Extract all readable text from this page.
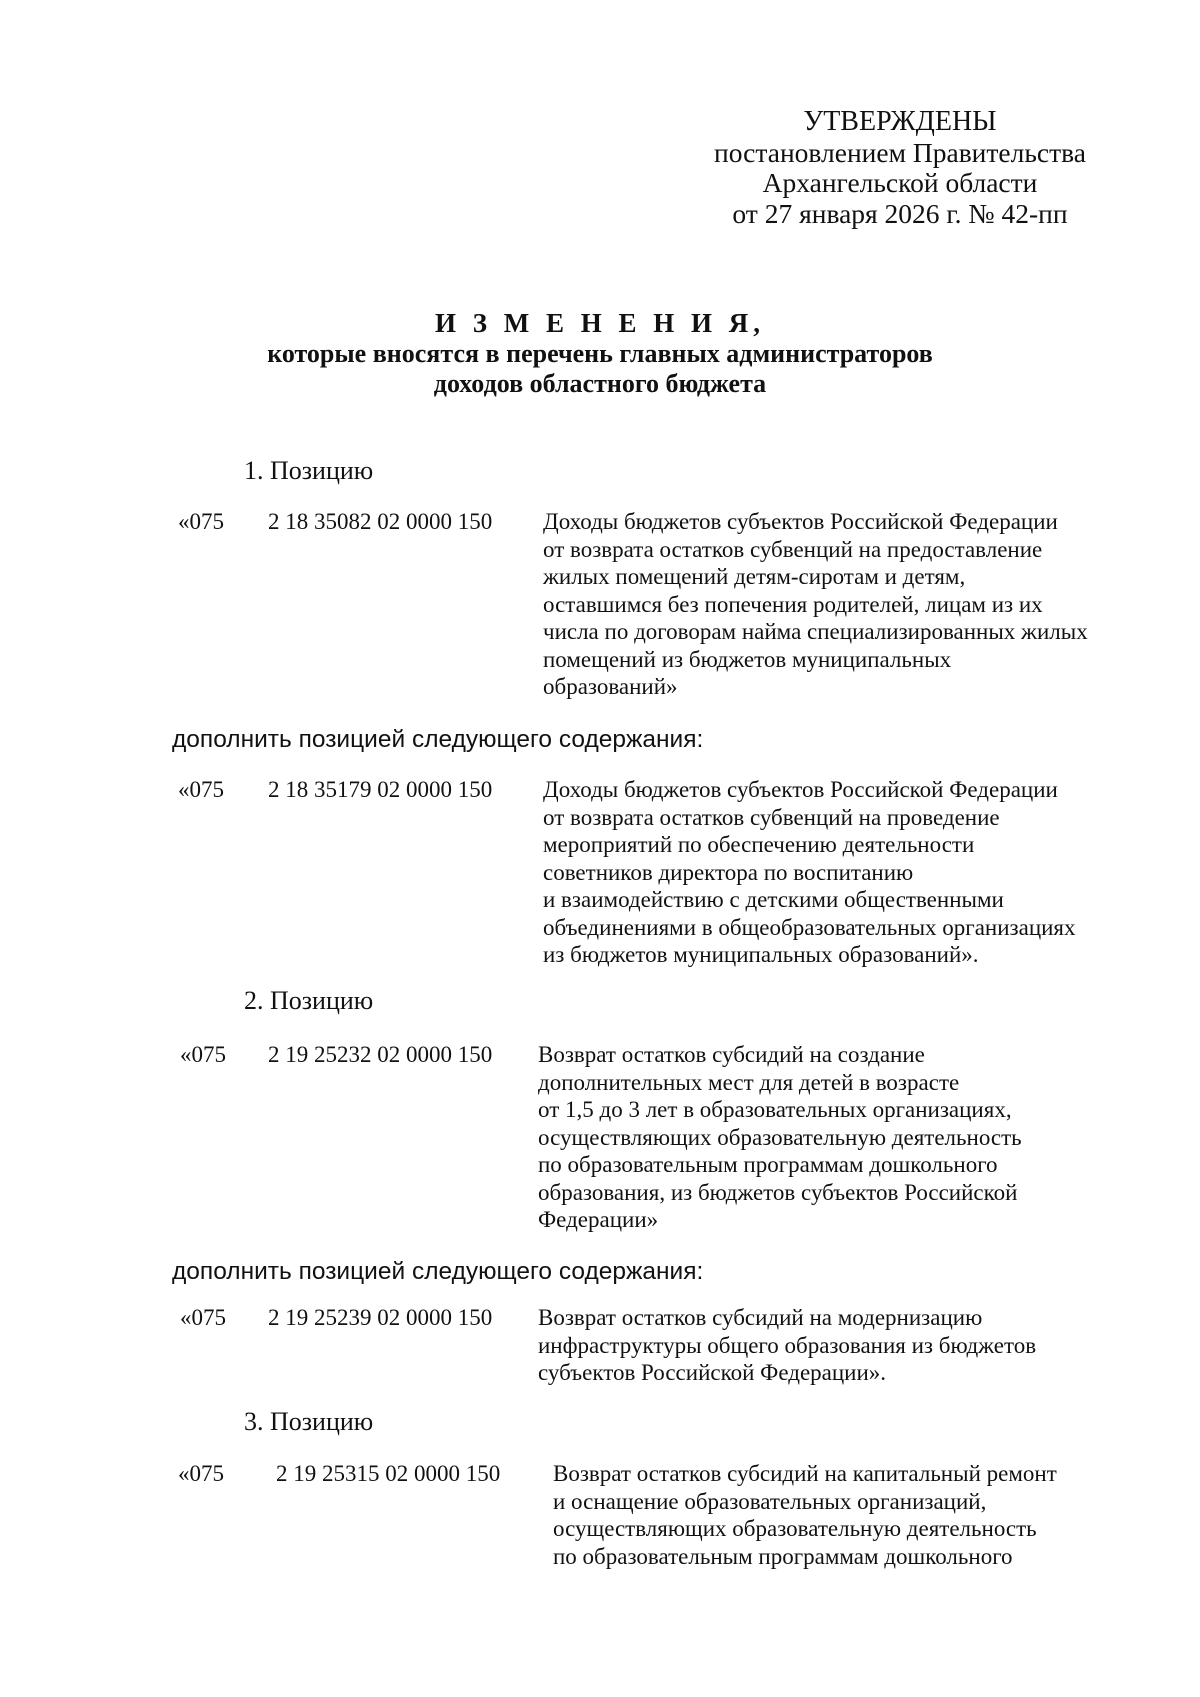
УТВЕРЖДЕНЫ
постановлением Правительства
Архангельской области
от 27 января 2026 г. № 42-пп
И З М Е Н Е Н И Я,
которые вносятся в перечень главных администраторов
доходов областного бюджета
1. Позицию
«075 2 18 35082 02 0000 150 Доходы бюджетов субъектов Российской Федерации
от возврата остатков субвенций на предоставление
жилых помещений детям-сиротам и детям,
оставшимся без попечения родителей, лицам из их
числа по договорам найма специализированных жилых
помещений из бюджетов муниципальных
образований»
дополнить позицией следующего содержания:
«075 2 18 35179 02 0000 150 Доходы бюджетов субъектов Российской Федерации
от возврата остатков субвенций на проведение
мероприятий по обеспечению деятельности
советников директора по воспитанию
и взаимодействию с детскими общественными
объединениями в общеобразовательных организациях
из бюджетов муниципальных образований».
2. Позицию
«075 2 19 25232 02 0000 150 Возврат остатков субсидий на создание
дополнительных мест для детей в возрасте
от 1,5 до 3 лет в образовательных организациях,
осуществляющих образовательную деятельность
по образовательным программам дошкольного
образования, из бюджетов субъектов Российской
Федерации»
дополнить позицией следующего содержания:
«075 2 19 25239 02 0000 150 Возврат остатков субсидий на модернизацию
инфраструктуры общего образования из бюджетов
субъектов Российской Федерации».
3. Позицию
«075 2 19 25315 02 0000 150 Возврат остатков субсидий на капитальный ремонт
и оснащение образовательных организаций,
осуществляющих образовательную деятельность
по образовательным программам дошкольного
